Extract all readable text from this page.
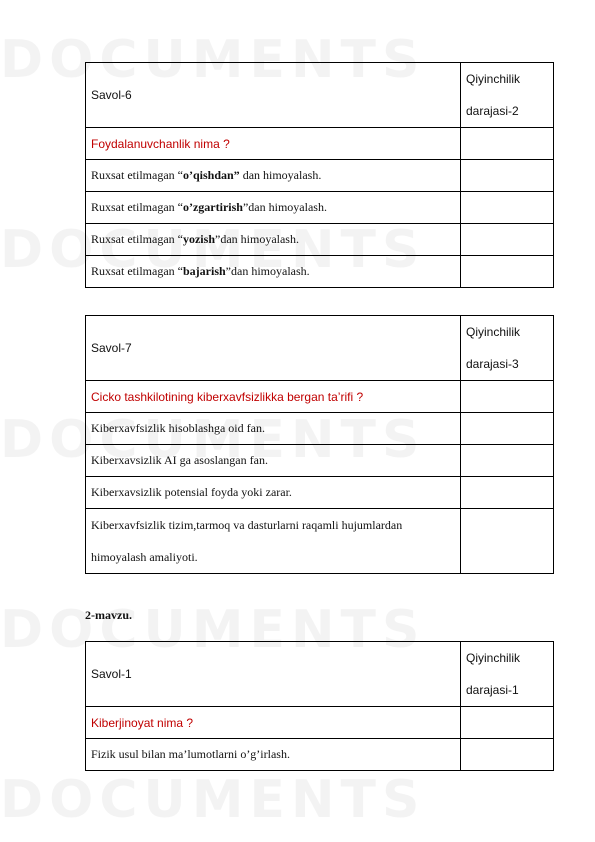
Savol-6	Qiyinchilik
darajasi-2

Foydalanuvchanlik nima ?	
Ruxsat etilmagan “o’qishdan” dan himoyalash.	
Ruxsat etilmagan “o’zgartirish”dan himoyalash.	
Ruxsat etilmagan “yozish”dan himoyalash.	
Ruxsat etilmagan “bajarish”dan himoyalash.	
Savol-7	Qiyinchilik
darajasi-3

Cicko tashkilotining kiberxavfsizlikka bergan ta’rifi ?	
Kiberxavfsizlik hisoblashga oid fan.	
Kiberxavsizlik AI ga asoslangan fan.	
Kiberxavsizlik potensial foyda yoki zarar.	

Kiberxavfsizlik tizim,tarmoq va dasturlarni raqamli hujumlardan
himoyalash amaliyoti.	

2-mavzu.
Savol-1	Qiyinchilik
darajasi-1

Kiberjinoyat nima ?	
Fizik usul bilan ma’lumotlarni o’g’irlash.	
